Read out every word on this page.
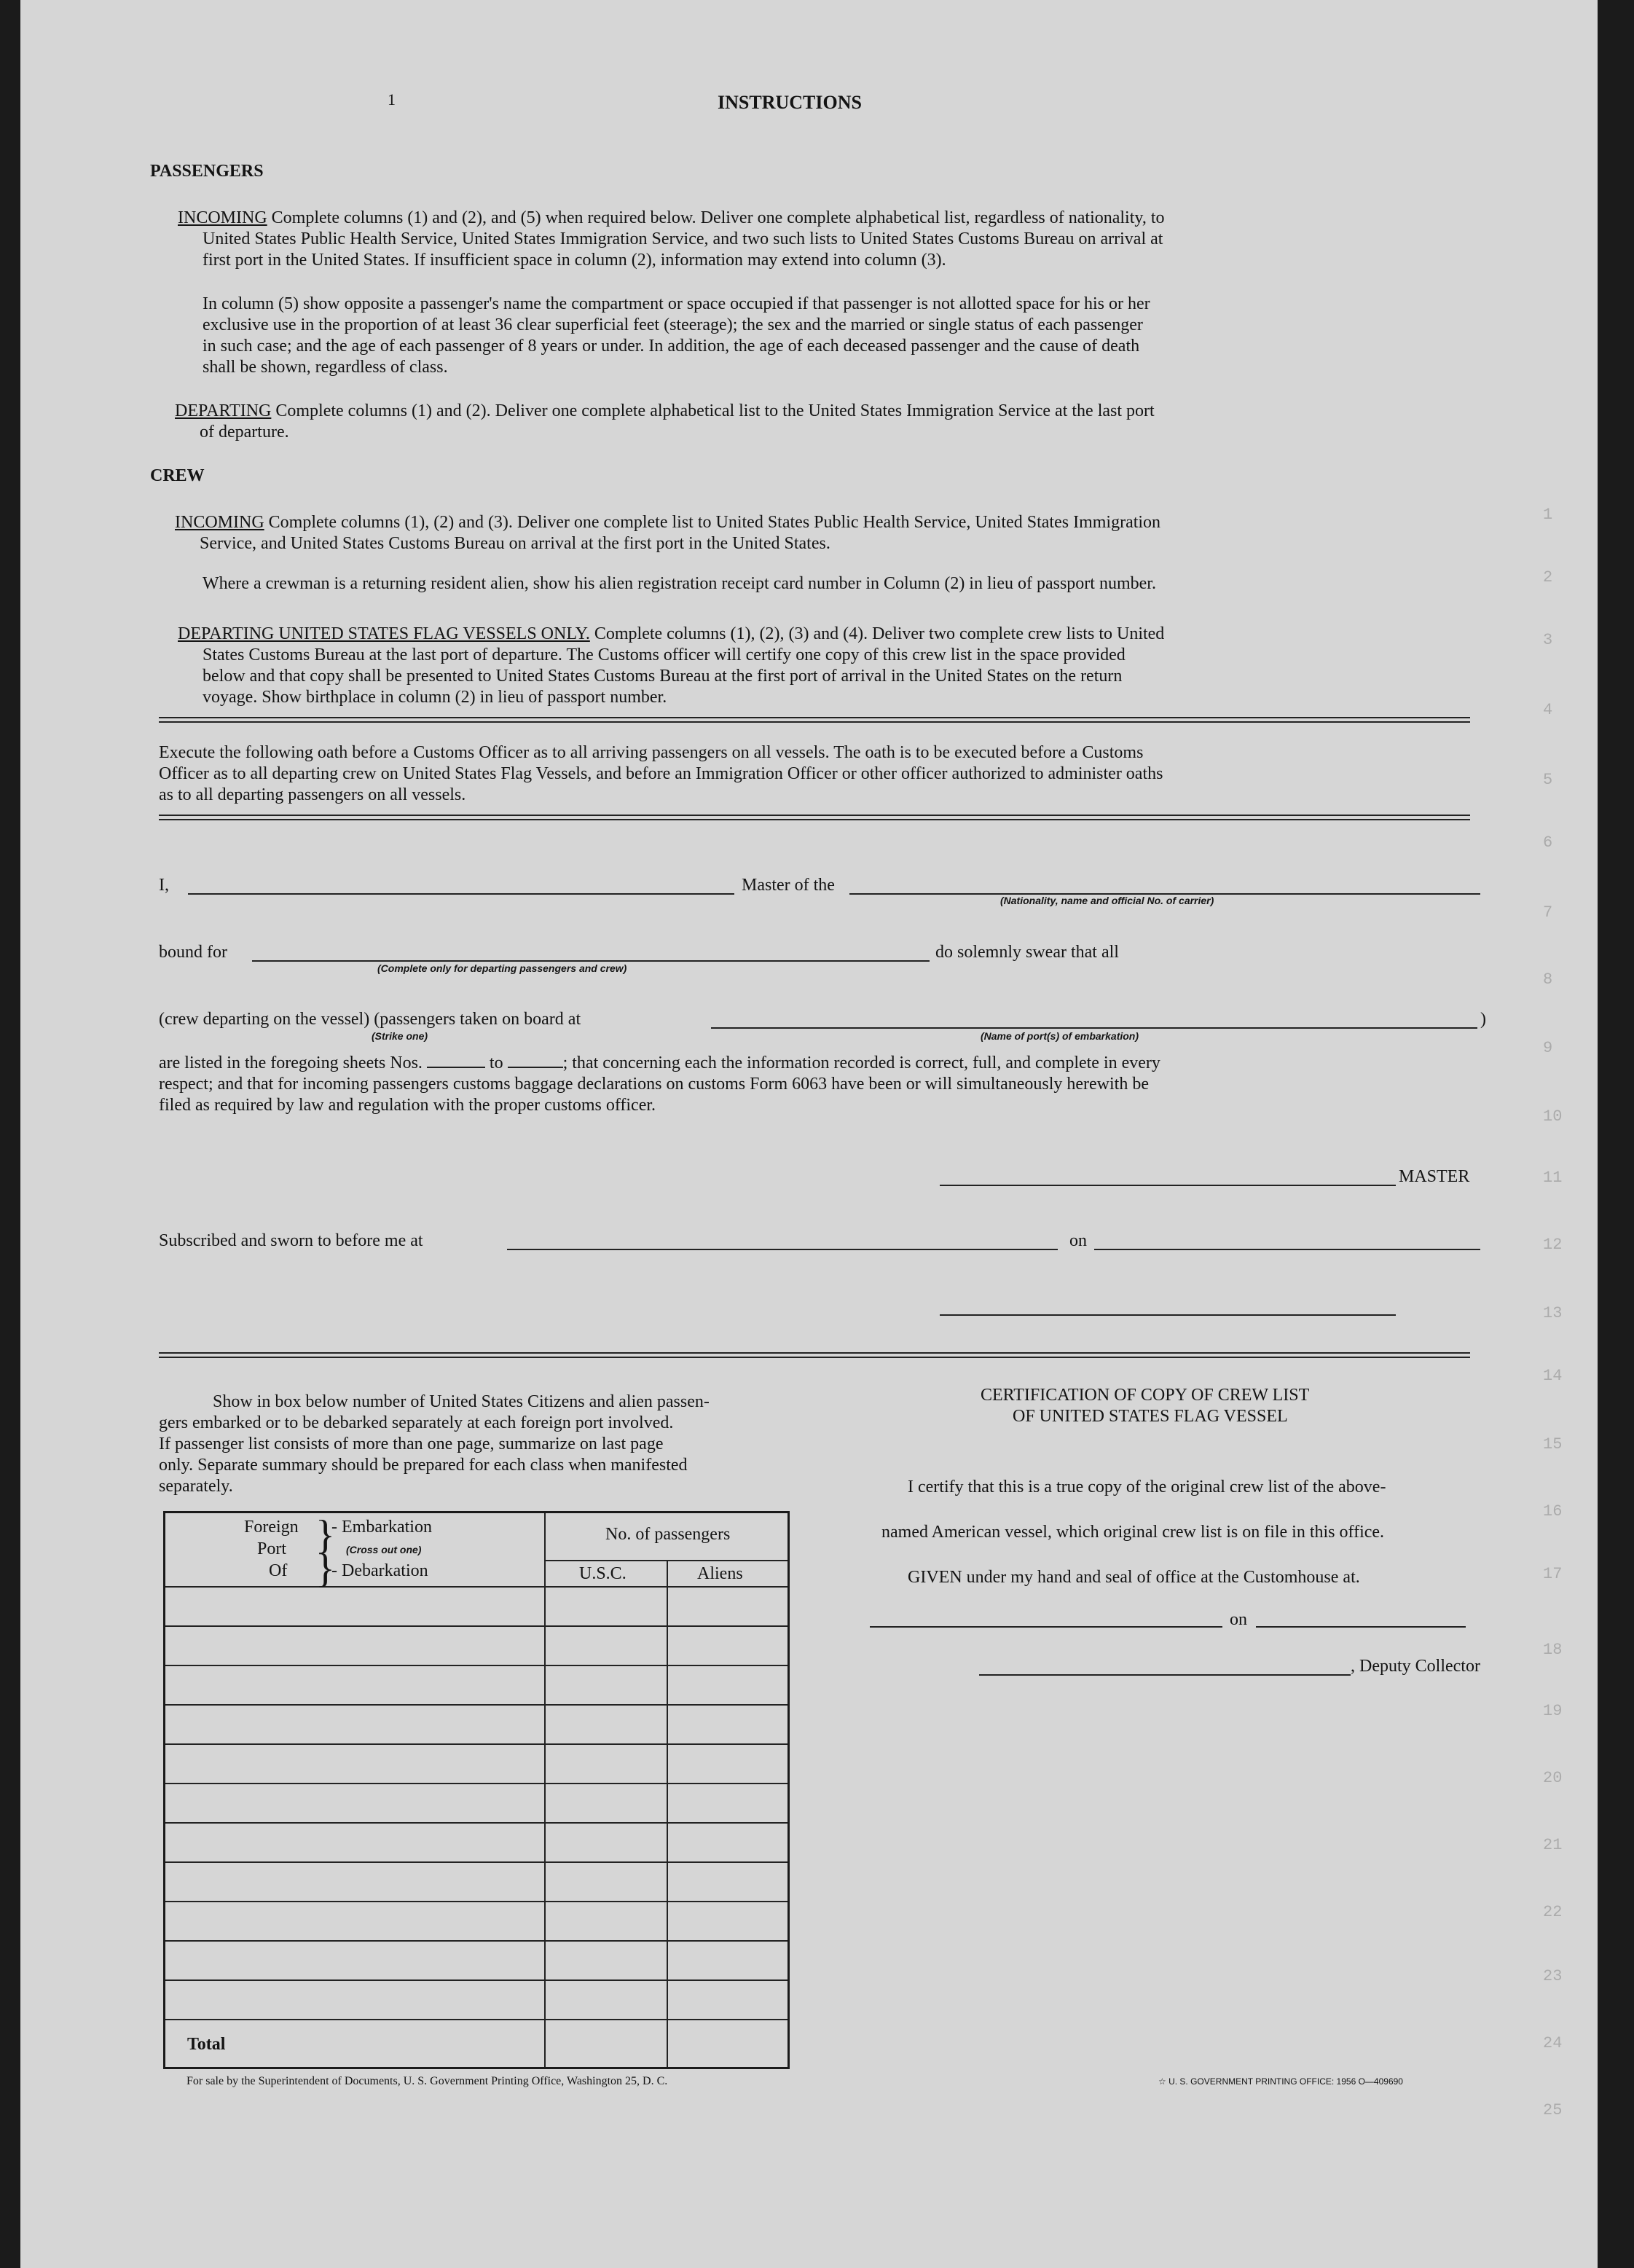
1	INSTRUCTIONS
PASSENGERS
INCOMING Complete columns (1) and (2), and (5) when required below. Deliver one complete alphabetical list, regardless of nationality, to
United States Public Health Service, United States Immigration Service, and two such lists to United States Customs Bureau on arrival at
first port in the United States. If insufficient space in column (2), information may extend into column (3).
In column (5) show opposite a passenger's name the compartment or space occupied if that passenger is not allotted space for his or her
exclusive use in the proportion of at least 36 clear superficial feet (steerage); the sex and the married or single status of each passenger
in such case; and the age of each passenger of 8 years or under. In addition, the age of each deceased passenger and the cause of death
shall be shown, regardless of class.
DEPARTING Complete columns (1) and (2). Deliver one complete alphabetical list to the United States Immigration Service at the last port
of departure.
CREW
INCOMING Complete columns (1), (2) and (3). Deliver one complete list to United States Public Health Service, United States Immigration
Service, and United States Customs Bureau on arrival at the first port in the United States.
Where a crewman is a returning resident alien, show his alien registration receipt card number in Column (2) in lieu of passport number.
DEPARTING UNITED STATES FLAG VESSELS ONLY. Complete columns (1), (2), (3) and (4). Deliver two complete crew lists to United
States Customs Bureau at the last port of departure. The Customs officer will certify one copy of this crew list in the space provided
below and that copy shall be presented to United States Customs Bureau at the first port of arrival in the United States on the return
voyage. Show birthplace in column (2) in lieu of passport number.
Execute the following oath before a Customs Officer as to all arriving passengers on all vessels. The oath is to be executed before a Customs
Officer as to all departing crew on United States Flag Vessels, and before an Immigration Officer or other officer authorized to administer oaths
as to all departing passengers on all vessels.
I,	Master of the
(Nationality, name and official No. of carrier)
bound for
(Complete only for departing passengers and crew)
do solemnly swear that all
(crew departing on the vessel) (passengers taken on board at	)
(Strike one)	(Name of port(s) of embarkation)
are listed in the foregoing sheets Nos.	to	; that concerning each the information recorded is correct, full, and complete in every
respect; and that for incoming passengers customs baggage declarations on customs Form 6063 have been or will simultaneously herewith be
filed as required by law and regulation with the proper customs officer.
MASTER
Subscribed and sworn to before me at	on
Show in box below number of United States Citizens and alien passen-
gers embarked or to be debarked separately at each foreign port involved.
If passenger list consists of more than one page, summarize on last page
only. Separate summary should be prepared for each class when manifested
separately.
Foreign
Port
Of
}
}
- Embarkation
(Cross out one)
- Debarkation
No. of passengers
U.S.C.	Aliens
Total
CERTIFICATION OF COPY OF CREW LIST
OF UNITED STATES FLAG VESSEL
I certify that this is a true copy of the original crew list of the above-
named American vessel, which original crew list is on file in this office.
GIVEN under my hand and seal of office at the Customhouse at.
on
, Deputy Collector
For sale by the Superintendent of Documents, U. S. Government Printing Office, Washington 25, D. C.	☆ U. S. GOVERNMENT PRINTING OFFICE: 1956 O—409690
1
2
3
4
5
6
7
8
9
10
11
12
13
14
15
16
17
18
19
20
21
22
23
24
25
